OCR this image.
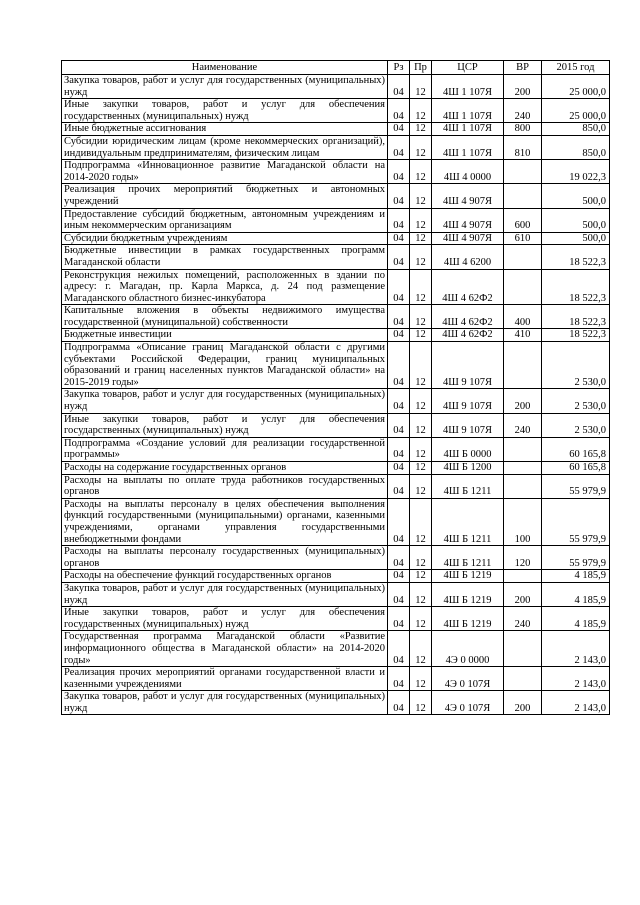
Наименование	Рз	Пр	ЦСР	ВР	2015 год
Закупка товаров, работ и услуг для государственных (муниципальных) нужд	04	12	4Ш 1 107Я	200	25 000,0
Иные закупки товаров, работ и услуг для обеспечения государственных (муниципальных) нужд	04	12	4Ш 1 107Я	240	25 000,0
Иные бюджетные ассигнования	04	12	4Ш 1 107Я	800	850,0
Субсидии юридическим лицам (кроме некоммерческих организаций), индивидуальным предпринимателям, физическим лицам	04	12	4Ш 1 107Я	810	850,0
Подпрограмма «Инновационное развитие Магаданской области на 2014-2020 годы»	04	12	4Ш 4 0000		19 022,3
Реализация прочих мероприятий бюджетных и автономных учреждений	04	12	4Ш 4 907Я		500,0
Предоставление субсидий бюджетным, автономным учреждениям и иным некоммерческим организациям	04	12	4Ш 4 907Я	600	500,0
Субсидии бюджетным учреждениям	04	12	4Ш 4 907Я	610	500,0
Бюджетные инвестиции в рамках государственных программ Магаданской области	04	12	4Ш 4 6200		18 522,3
Реконструкция нежилых помещений, расположенных в здании по адресу: г. Магадан, пр. Карла Маркса, д. 24 под размещение Магаданского областного бизнес-инкубатора	04	12	4Ш 4 62Ф2		18 522,3
Капитальные вложения в объекты недвижимого имущества государственной (муниципальной) собственности	04	12	4Ш 4 62Ф2	400	18 522,3
Бюджетные инвестиции	04	12	4Ш 4 62Ф2	410	18 522,3
Подпрограмма «Описание границ Магаданской области с другими субъектами Российской Федерации, границ муниципальных образований и границ населенных пунктов Магаданской области» на 2015-2019 годы»	04	12	4Ш 9 107Я		2 530,0
Закупка товаров, работ и услуг для государственных (муниципальных) нужд	04	12	4Ш 9 107Я	200	2 530,0
Иные закупки товаров, работ и услуг для обеспечения государственных (муниципальных) нужд	04	12	4Ш 9 107Я	240	2 530,0
Подпрограмма «Создание условий для реализации государственной программы»	04	12	4Ш Б 0000		60 165,8
Расходы на содержание государственных органов	04	12	4Ш Б 1200		60 165,8
Расходы на выплаты по оплате труда работников государственных органов	04	12	4Ш Б 1211		55 979,9
Расходы на выплаты персоналу в целях обеспечения выполнения функций государственными (муниципальными) органами, казенными учреждениями, органами управления государственными внебюджетными фондами	04	12	4Ш Б 1211	100	55 979,9
Расходы на выплаты персоналу государственных (муниципальных) органов	04	12	4Ш Б 1211	120	55 979,9
Расходы на обеспечение функций государственных органов	04	12	4Ш Б 1219		4 185,9
Закупка товаров, работ и услуг для государственных (муниципальных) нужд	04	12	4Ш Б 1219	200	4 185,9
Иные закупки товаров, работ и услуг для обеспечения государственных (муниципальных) нужд	04	12	4Ш Б 1219	240	4 185,9
Государственная программа Магаданской области «Развитие информационного общества в Магаданской области» на 2014-2020 годы»	04	12	4Э 0 0000		2 143,0
Реализация прочих мероприятий органами государственной власти и казенными учреждениями	04	12	4Э 0 107Я		2 143,0
Закупка товаров, работ и услуг для государственных (муниципальных) нужд	04	12	4Э 0 107Я	200	2 143,0
